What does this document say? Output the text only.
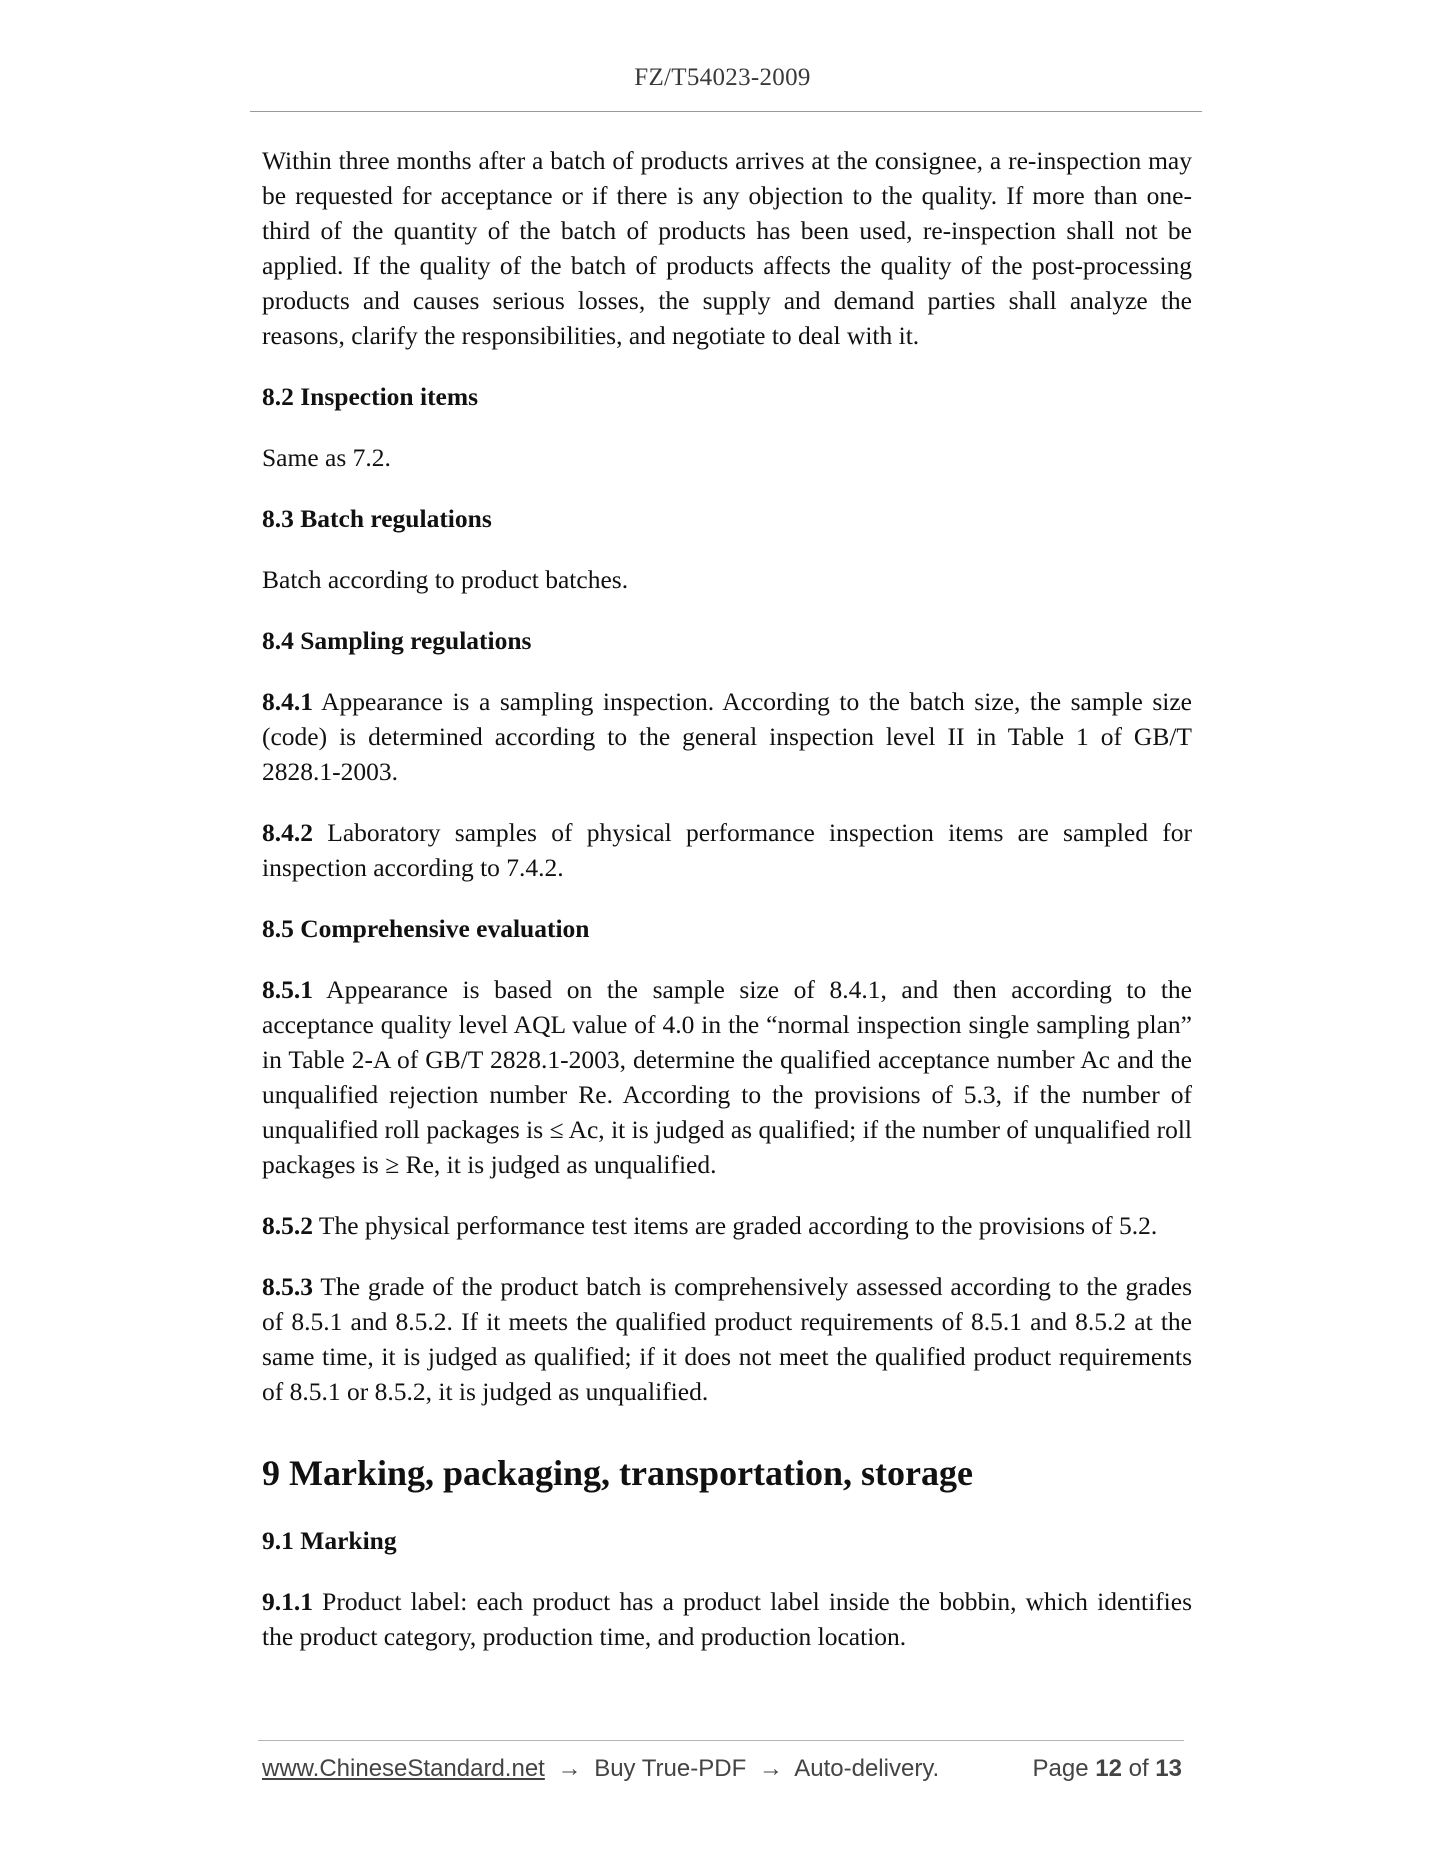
FZ/T54023-2009

Within three months after a batch of products arrives at the consignee, a re-inspection may be requested for acceptance or if there is any objection to the quality. If more than one-third of the quantity of the batch of products has been used, re-inspection shall not be applied. If the quality of the batch of products affects the quality of the post-processing products and causes serious losses, the supply and demand parties shall analyze the reasons, clarify the responsibilities, and negotiate to deal with it.

8.2 Inspection items

Same as 7.2.

8.3 Batch regulations

Batch according to product batches.

8.4 Sampling regulations

8.4.1 Appearance is a sampling inspection. According to the batch size, the sample size (code) is determined according to the general inspection level II in Table 1 of GB/T 2828.1-2003.

8.4.2 Laboratory samples of physical performance inspection items are sampled for inspection according to 7.4.2.

8.5 Comprehensive evaluation

8.5.1 Appearance is based on the sample size of 8.4.1, and then according to the acceptance quality level AQL value of 4.0 in the “normal inspection single sampling plan” in Table 2-A of GB/T 2828.1-2003, determine the qualified acceptance number Ac and the unqualified rejection number Re. According to the provisions of 5.3, if the number of unqualified roll packages is ≤ Ac, it is judged as qualified; if the number of unqualified roll packages is ≥ Re, it is judged as unqualified.

8.5.2 The physical performance test items are graded according to the provisions of 5.2.

8.5.3 The grade of the product batch is comprehensively assessed according to the grades of 8.5.1 and 8.5.2. If it meets the qualified product requirements of 8.5.1 and 8.5.2 at the same time, it is judged as qualified; if it does not meet the qualified product requirements of 8.5.1 or 8.5.2, it is judged as unqualified.

9 Marking, packaging, transportation, storage
9.1 Marking

9.1.1 Product label: each product has a product label inside the bobbin, which identifies the product category, production time, and production location.

www.ChineseStandard.net → Buy True-PDF → Auto-delivery.	Page 12 of 13
